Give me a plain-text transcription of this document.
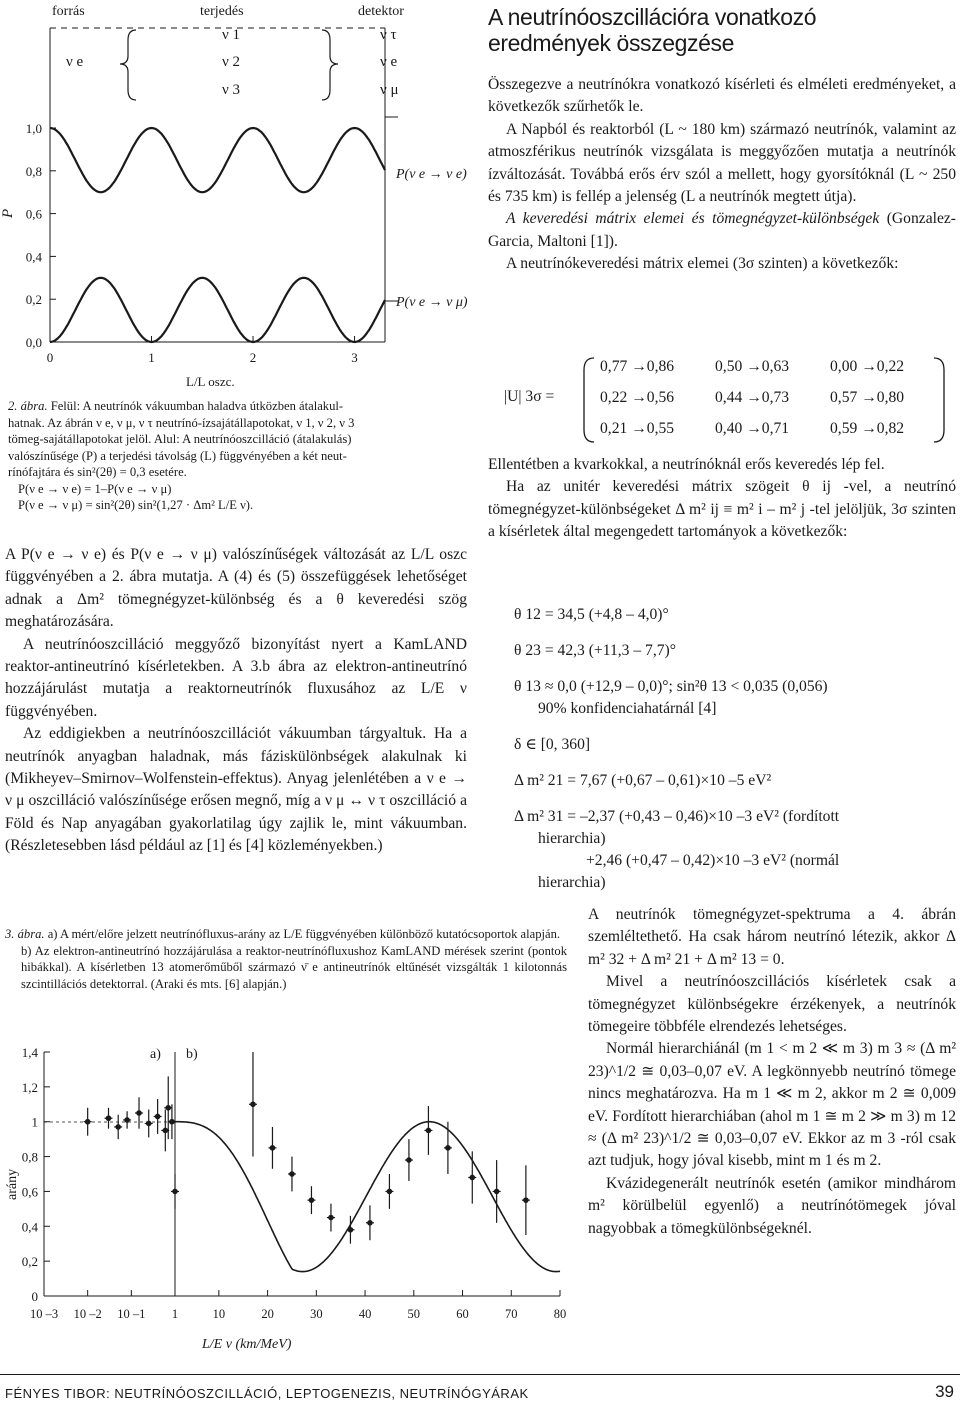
forrás	terjedés	detektor
ν e
ν 1
ν 2
ν 3
ν τ
ν e
ν μ
0,0
0,2
0,4
0,6
0,8
1,0
0	1	2	3
P(ν e → ν e)
P(ν e → ν μ)
P
L/L oszc.
2. ábra. Felül: A neutrínók vákuumban haladva útközben átalakul-
hatnak. Az ábrán ν e, ν μ, ν τ neutrínó-ízsajátállapotokat, ν 1, ν 2, ν 3
tömeg-sajátállapotokat jelöl. Alul: A neutrínóoszcilláció (átalakulás)
valószínűsége (P) a terjedési távolság (L) függvényében a két neut-
rínófajtára és sin²(2θ) = 0,3 esetére.
P(ν e → ν e) = 1–P(ν e → ν μ)
P(ν e → ν μ) = sin²(2θ) sin²(1,27 · Δm² L/E ν).

A P(ν e → ν e) és P(ν e → ν μ) valószínűségek változását az L/L oszc függvényében a 2. ábra mutatja. A (4) és (5) összefüggések lehetőséget adnak a Δm² tömegnégyzet-különbség és a θ keveredési szög meghatározására.

A neutrínóoszcilláció meggyőző bizonyítást nyert a KamLAND reaktor-antineutrínó kísérletekben. A 3.b ábra az elektron-antineutrínó hozzájárulást mutatja a reaktorneutrínók fluxusához az L/E ν függvényében.

Az eddigiekben a neutrínóoszcillációt vákuumban tárgyaltuk. Ha a neutrínók anyagban haladnak, más fáziskülönbségek alakulnak ki (Mikheyev–Smirnov–Wolfenstein-effektus). Anyag jelenlétében a ν e → ν μ oszcilláció valószínűsége erősen megnő, míg a ν μ ↔ ν τ oszcilláció a Föld és Nap anyagában gyakorlatilag úgy zajlik le, mint vákuumban. (Részletesebben lásd például az [1] és [4] közleményekben.)

3. ábra. a) A mért/előre jelzett neutrínófluxus-arány az L/E függvényében különböző kutatócsoportok alapján.
b) Az elektron-antineutrínó hozzájárulása a reaktor-neutrínófluxushoz KamLAND mérések szerint (pontok hibákkal). A kísérletben 13 atomerőműből származó ν̄ e antineutrínók eltűnését vizsgálták 1 kilotonnás szcintillációs detektorral. (Araki és mts. [6] alapján.)
0
0,2
0,4
0,6
0,8
1
1,2
1,4
10 –3 10 –2 10 –1 1	10	20	30	40	50	60	70	80
a) b)
arány
L/E ν (km/MeV)
A neutrínóoszcillációra vonatkozó
eredmények összegzése

Összegezve a neutrínókra vonatkozó kísérleti és elméleti eredményeket, a következők szűrhetők le.

A Napból és reaktorból (L ~ 180 km) származó neutrínók, valamint az atmoszférikus neutrínók vizsgálata is meggyőzően mutatja a neutrínók ízváltozását. Továbbá erős érv szól a mellett, hogy gyorsítóknál (L ~ 250 és 735 km) is fellép a jelenség (L a neutrínók megtett útja).

A keveredési mátrix elemei és tömegnégyzet-különbségek (Gonzalez-Garcia, Maltoni [1]).

A neutrínókeveredési mátrix elemei (3σ szinten) a következők:

|U| 3σ =
0,77 →0,86	0,50 →0,63	0,00 →0,22
0,22 →0,56	0,44 →0,73	0,57 →0,80
0,21 →0,55	0,40 →0,71	0,59 →0,82

Ellentétben a kvarkokkal, a neutrínóknál erős keveredés lép fel.

Ha az unitér keveredési mátrix szögeit θ ij -vel, a neutrínó tömegnégyzet-különbségeket Δ m² ij ≡ m² i – m² j -tel jelöljük, 3σ szinten a kísérletek által megengedett tartományok a következők:

θ 12 = 34,5 (+4,8 – 4,0)°
θ 23 = 42,3 (+11,3 – 7,7)°
θ 13 ≈ 0,0 (+12,9 – 0,0)°; sin²θ 13 < 0,035 (0,056)
90% konfidenciahatárnál [4]
δ ∈ [0, 360]
Δ m² 21 = 7,67 (+0,67 – 0,61)×10 –5 eV²
Δ m² 31 = –2,37 (+0,43 – 0,46)×10 –3 eV² (fordított
hierarchia)
+2,46 (+0,47 – 0,42)×10 –3 eV² (normál
hierarchia)

A neutrínók tömegnégyzet-spektruma a 4. ábrán szemléltethető. Ha csak három neutrínó létezik, akkor Δ m² 32 + Δ m² 21 + Δ m² 13 = 0.

Mivel a neutrínóoszcillációs kísérletek csak a tömegnégyzet különbségekre érzékenyek, a neutrínók tömegeire többféle elrendezés lehetséges.

Normál hierarchiánál (m 1 < m 2 ≪ m 3) m 3 ≈ (Δ m² 23)^1/2 ≅ 0,03–0,07 eV. A legkönnyebb neutrínó tömege nincs meghatározva. Ha m 1 ≪ m 2, akkor m 2 ≅ 0,009 eV. Fordított hierarchiában (ahol m 1 ≅ m 2 ≫ m 3) m 12 ≈ (Δ m² 23)^1/2 ≅ 0,03–0,07 eV. Ekkor az m 3 -ról csak azt tudjuk, hogy jóval kisebb, mint m 1 és m 2.

Kvázidegenerált neutrínók esetén (amikor mindhárom m² körülbelül egyenlő) a neutrínótömegek jóval nagyobbak a tömegkülönbségeknél.

FÉNYES TIBOR: NEUTRÍNÓOSZCILLÁCIÓ, LEPTOGENEZIS, NEUTRÍNÓGYÁRAK	39
